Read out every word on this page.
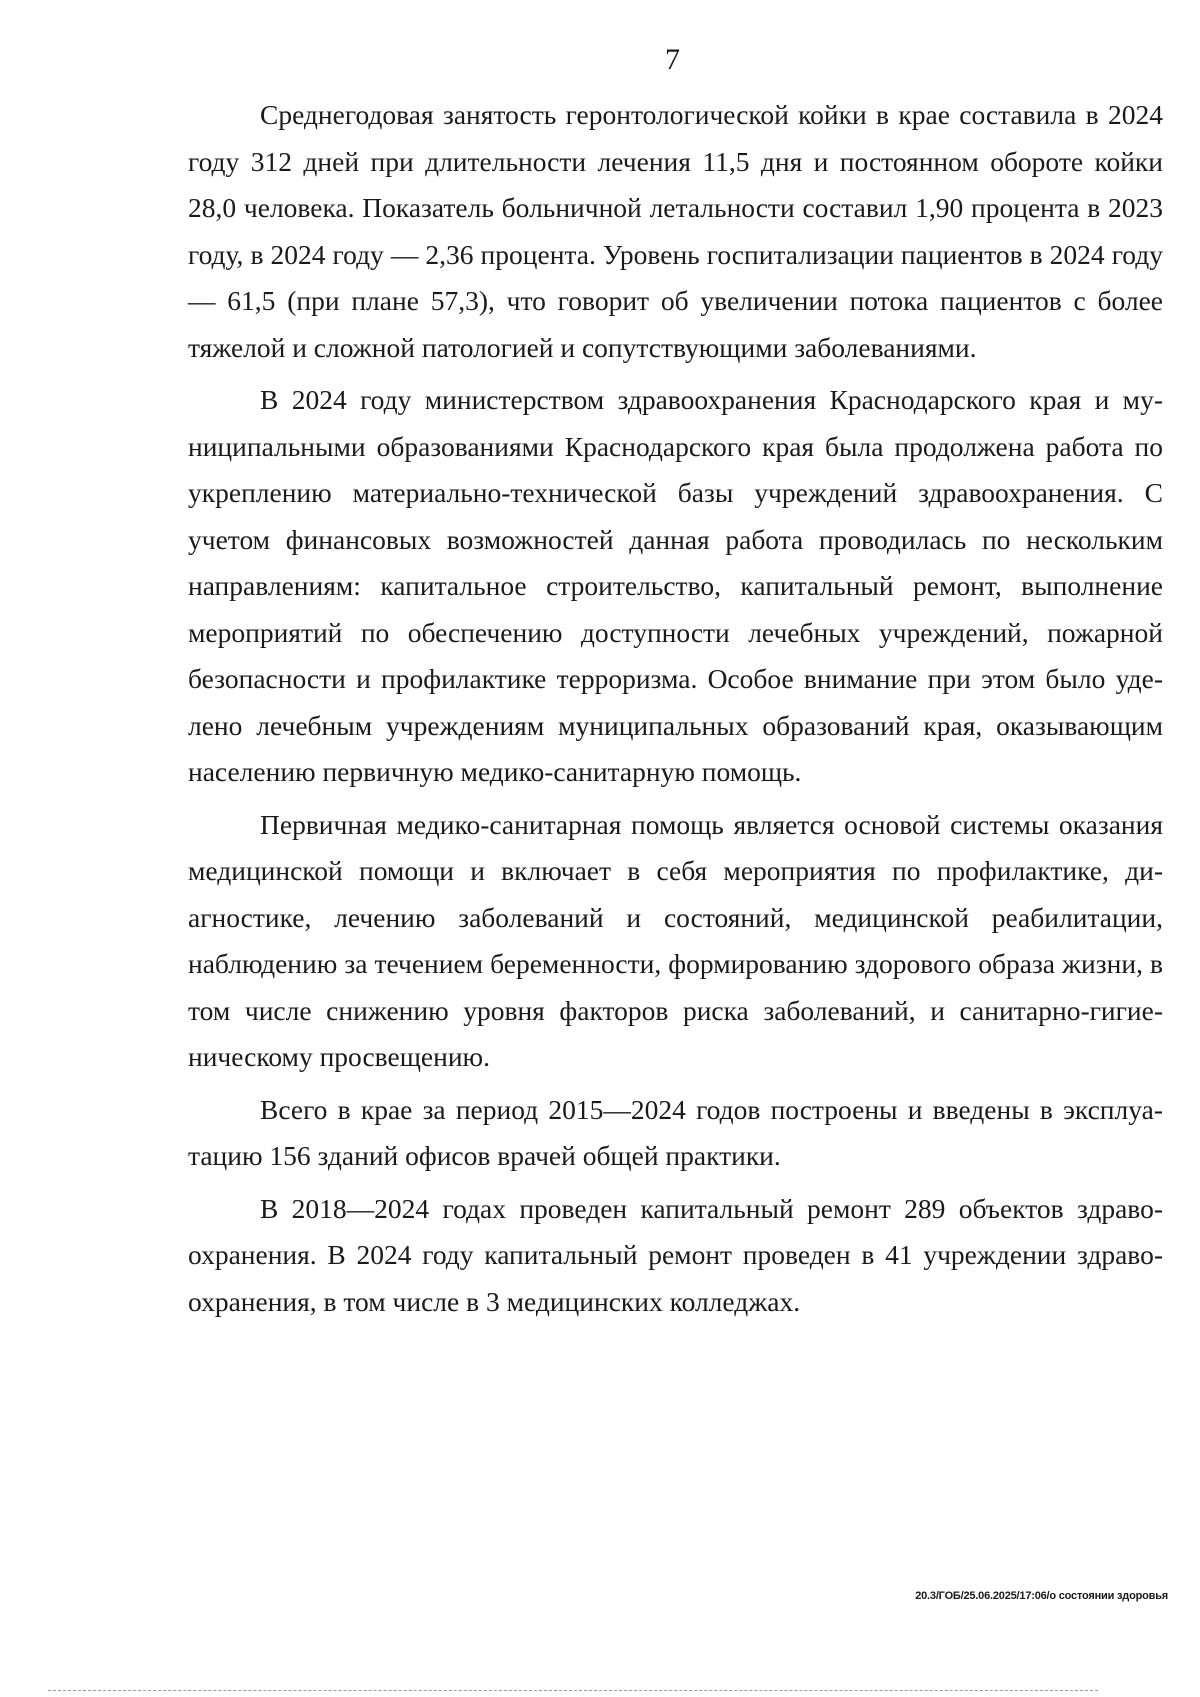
7

Среднегодовая занятость геронтологической койки в крае составила в 2024 году 312 дней при длительности лечения 11,5 дня и постоянном обороте койки 28,0 человека. Показатель больничной летальности составил 1,90 процента в 2023 году, в 2024 году — 2,36 процента. Уровень госпитализации пациентов в 2024 году — 61,5 (при плане 57,3), что говорит об увеличении потока пациентов с более тяжелой и сложной патологией и сопутствующими заболеваниями.

В 2024 году министерством здравоохранения Краснодарского края и муниципальными образованиями Краснодарского края была продолжена работа по укреплению материально-технической базы учреждений здравоохранения. С учетом финансовых возможностей данная работа проводилась по нескольким направлениям: капитальное строительство, капитальный ремонт, выполнение мероприятий по обеспечению доступности лечебных учреждений, пожарной безопасности и профилактике терроризма. Особое внимание при этом было уделено лечебным учреждениям муниципальных образований края, оказывающим населению первичную медико-санитарную помощь.

Первичная медико-санитарная помощь является основой системы оказания медицинской помощи и включает в себя мероприятия по профилактике, диагностике, лечению заболеваний и состояний, медицинской реабилитации, наблюдению за течением беременности, формированию здорового образа жизни, в том числе снижению уровня факторов риска заболеваний, и санитарно-гигиеническому просвещению.

Всего в крае за период 2015—2024 годов построены и введены в эксплуатацию 156 зданий офисов врачей общей практики.

В 2018—2024 годах проведен капитальный ремонт 289 объектов здравоохранения. В 2024 году капитальный ремонт проведен в 41 учреждении здравоохранения, в том числе в 3 медицинских колледжах.

20.3/ГОБ/25.06.2025/17:06/о состоянии здоровья
